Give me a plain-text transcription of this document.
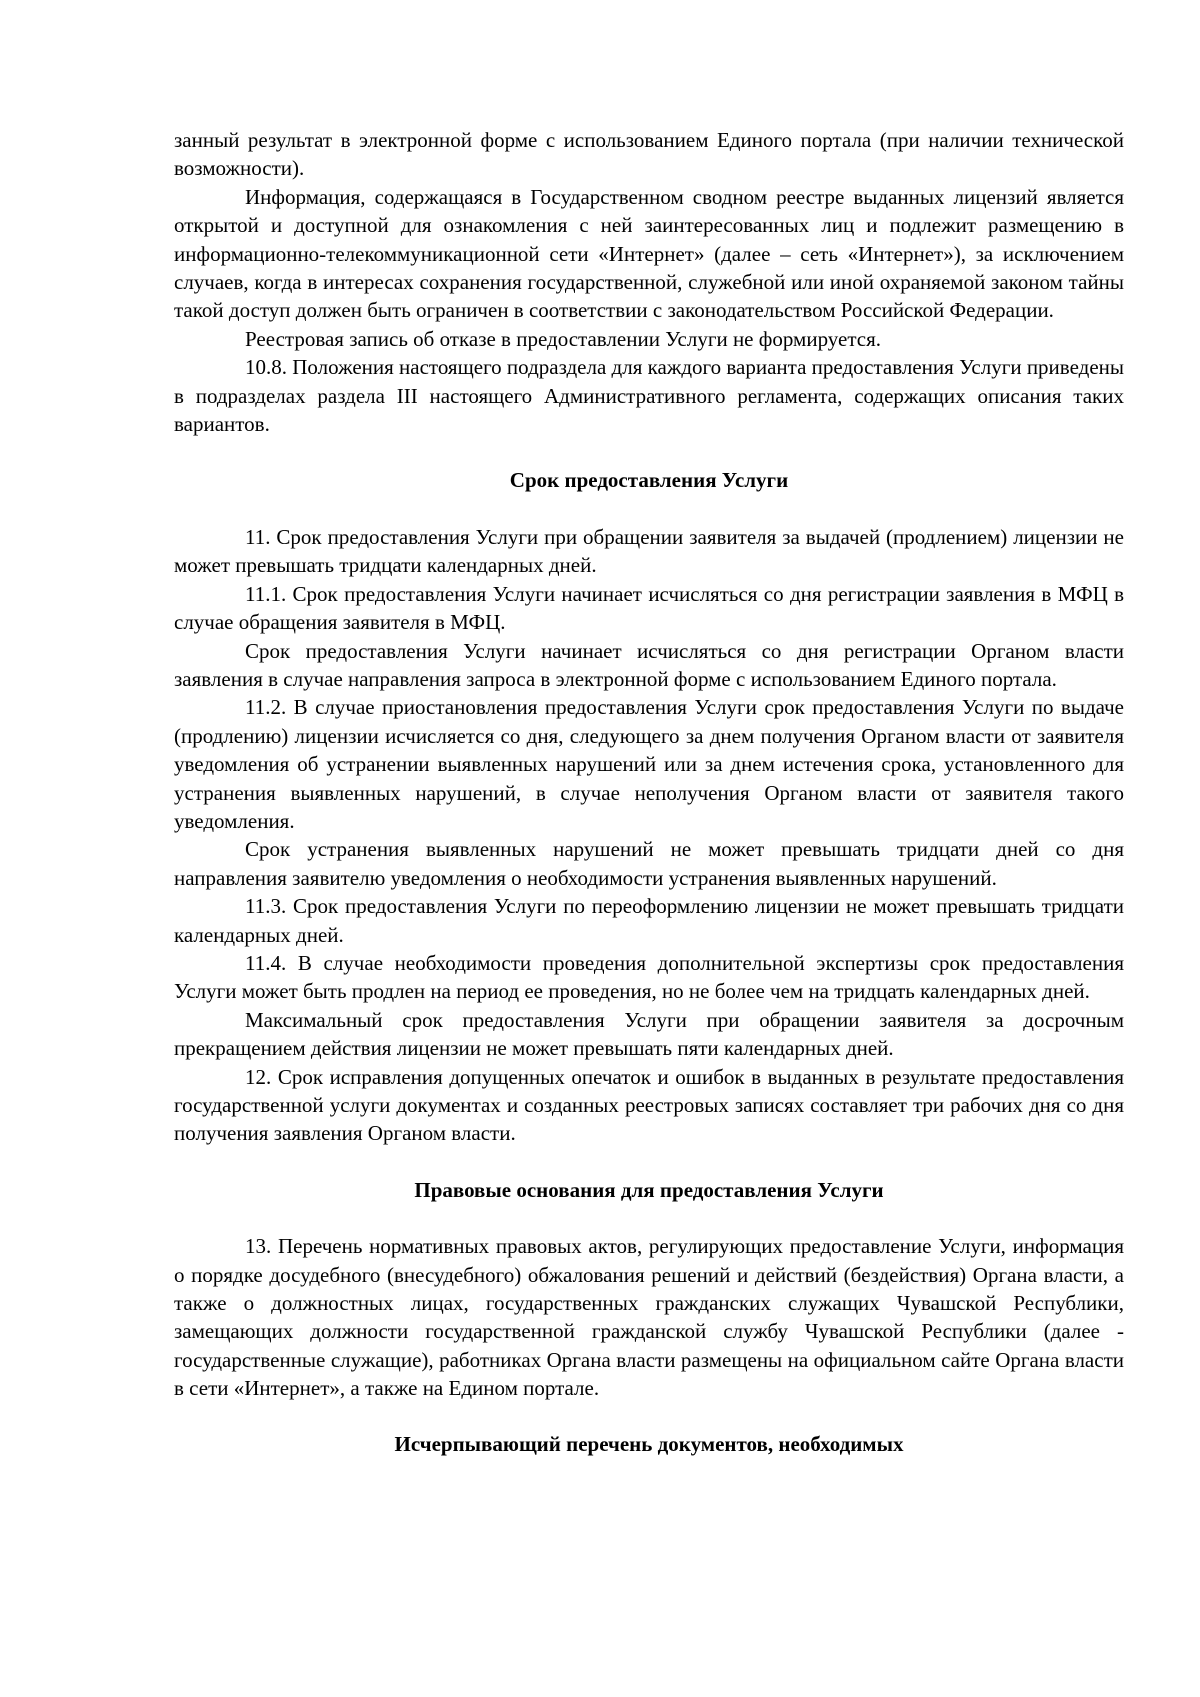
занный результат в электронной форме с использованием Единого портала (при наличии технической возможности).

Информация, содержащаяся в Государственном сводном реестре выданных лицензий является открытой и доступной для ознакомления с ней заинтересованных лиц и подлежит размещению в информационно-телекоммуникационной сети «Интернет» (далее – сеть «Интернет»), за исключением случаев, когда в интересах сохранения государственной, служебной или иной охраняемой законом тайны такой доступ должен быть ограничен в соответствии с законодательством Российской Федерации.

Реестровая запись об отказе в предоставлении Услуги не формируется.

10.8. Положения настоящего подраздела для каждого варианта предоставления Услуги приведены в подразделах раздела III настоящего Административного регламента, содержащих описания таких вариантов.

Срок предоставления Услуги

11. Срок предоставления Услуги при обращении заявителя за выдачей (продлением) лицензии не может превышать тридцати календарных дней.

11.1. Срок предоставления Услуги начинает исчисляться со дня регистрации заявления в МФЦ в случае обращения заявителя в МФЦ.

Срок предоставления Услуги начинает исчисляться со дня регистрации Органом власти заявления в случае направления запроса в электронной форме с использованием Единого портала.

11.2. В случае приостановления предоставления Услуги срок предоставления Услуги по выдаче (продлению) лицензии исчисляется со дня, следующего за днем получения Органом власти от заявителя уведомления об устранении выявленных нарушений или за днем истечения срока, установленного для устранения выявленных нарушений, в случае неполучения Органом власти от заявителя такого уведомления.

Срок устранения выявленных нарушений не может превышать тридцати дней со дня направления заявителю уведомления о необходимости устранения выявленных нарушений.

11.3. Срок предоставления Услуги по переоформлению лицензии не может превышать тридцати календарных дней.

11.4. В случае необходимости проведения дополнительной экспертизы срок предоставления Услуги может быть продлен на период ее проведения, но не более чем на тридцать календарных дней.

Максимальный срок предоставления Услуги при обращении заявителя за досрочным прекращением действия лицензии не может превышать пяти календарных дней.

12. Срок исправления допущенных опечаток и ошибок в выданных в результате предоставления государственной услуги документах и созданных реестровых записях составляет три рабочих дня со дня получения заявления Органом власти.

Правовые основания для предоставления Услуги

13. Перечень нормативных правовых актов, регулирующих предоставление Услуги, информация о порядке досудебного (внесудебного) обжалования решений и действий (бездействия) Органа власти, а также о должностных лицах, государственных гражданских служащих Чувашской Республики, замещающих должности государственной гражданской службу Чувашской Республики (далее - государственные служащие), работниках Органа власти размещены на официальном сайте Органа власти в сети «Интернет», а также на Едином портале.

Исчерпывающий перечень документов, необходимых
